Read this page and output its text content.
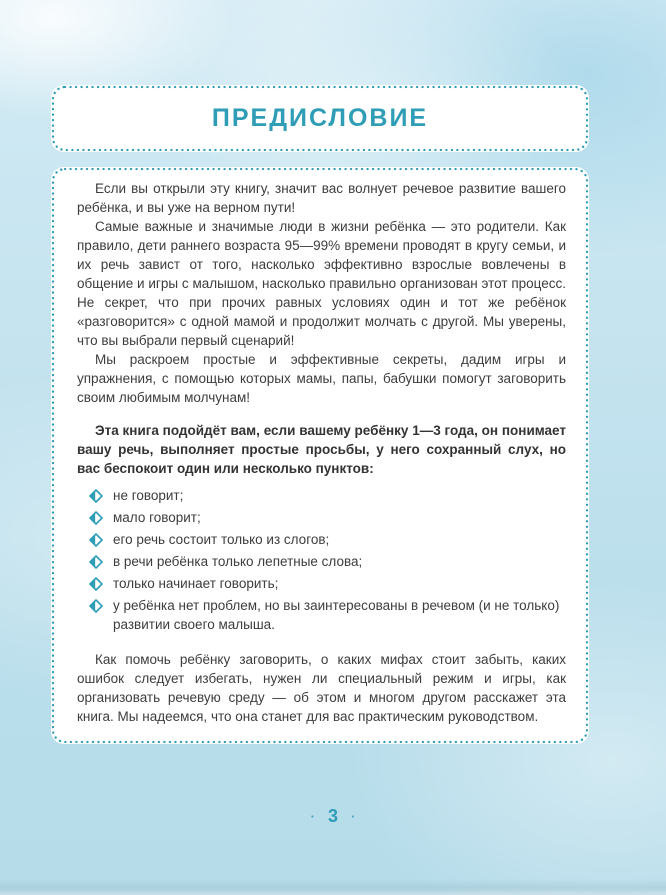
ПРЕДИСЛОВИЕ

Если вы открыли эту книгу, значит вас волнует речевое развитие вашего ребёнка, и вы уже на верном пути!

Самые важные и значимые люди в жизни ребёнка — это родители. Как правило, дети раннего возраста 95—99% времени проводят в кругу семьи, и их речь завист от того, насколько эффективно взрослые вовлечены в общение и игры с малышом, насколько правильно организован этот процесс. Не секрет, что при прочих равных условиях один и тот же ребёнок «разговорится» с одной мамой и продолжит молчать с другой. Мы уверены, что вы выбрали первый сценарий!

Мы раскроем простые и эффективные секреты, дадим игры и упражнения, с помощью которых мамы, папы, бабушки помогут заговорить своим любимым молчунам!

Эта книга подойдёт вам, если вашему ребёнку 1—3 года, он понимает вашу речь, выполняет простые просьбы, у него сохранный слух, но вас беспокоит один или несколько пунктов:

не говорит;
мало говорит;
его речь состоит только из слогов;
в речи ребёнка только лепетные слова;
только начинает говорить;
у ребёнка нет проблем, но вы заинтересованы в речевом (и не только) развитии своего малыша.

Как помочь ребёнку заговорить, о каких мифах стоит забыть, каких ошибок следует избегать, нужен ли специальный режим и игры, как организовать речевую среду — об этом и многом другом расскажет эта книга. Мы надеемся, что она станет для вас практическим руководством.

· 3 ·
